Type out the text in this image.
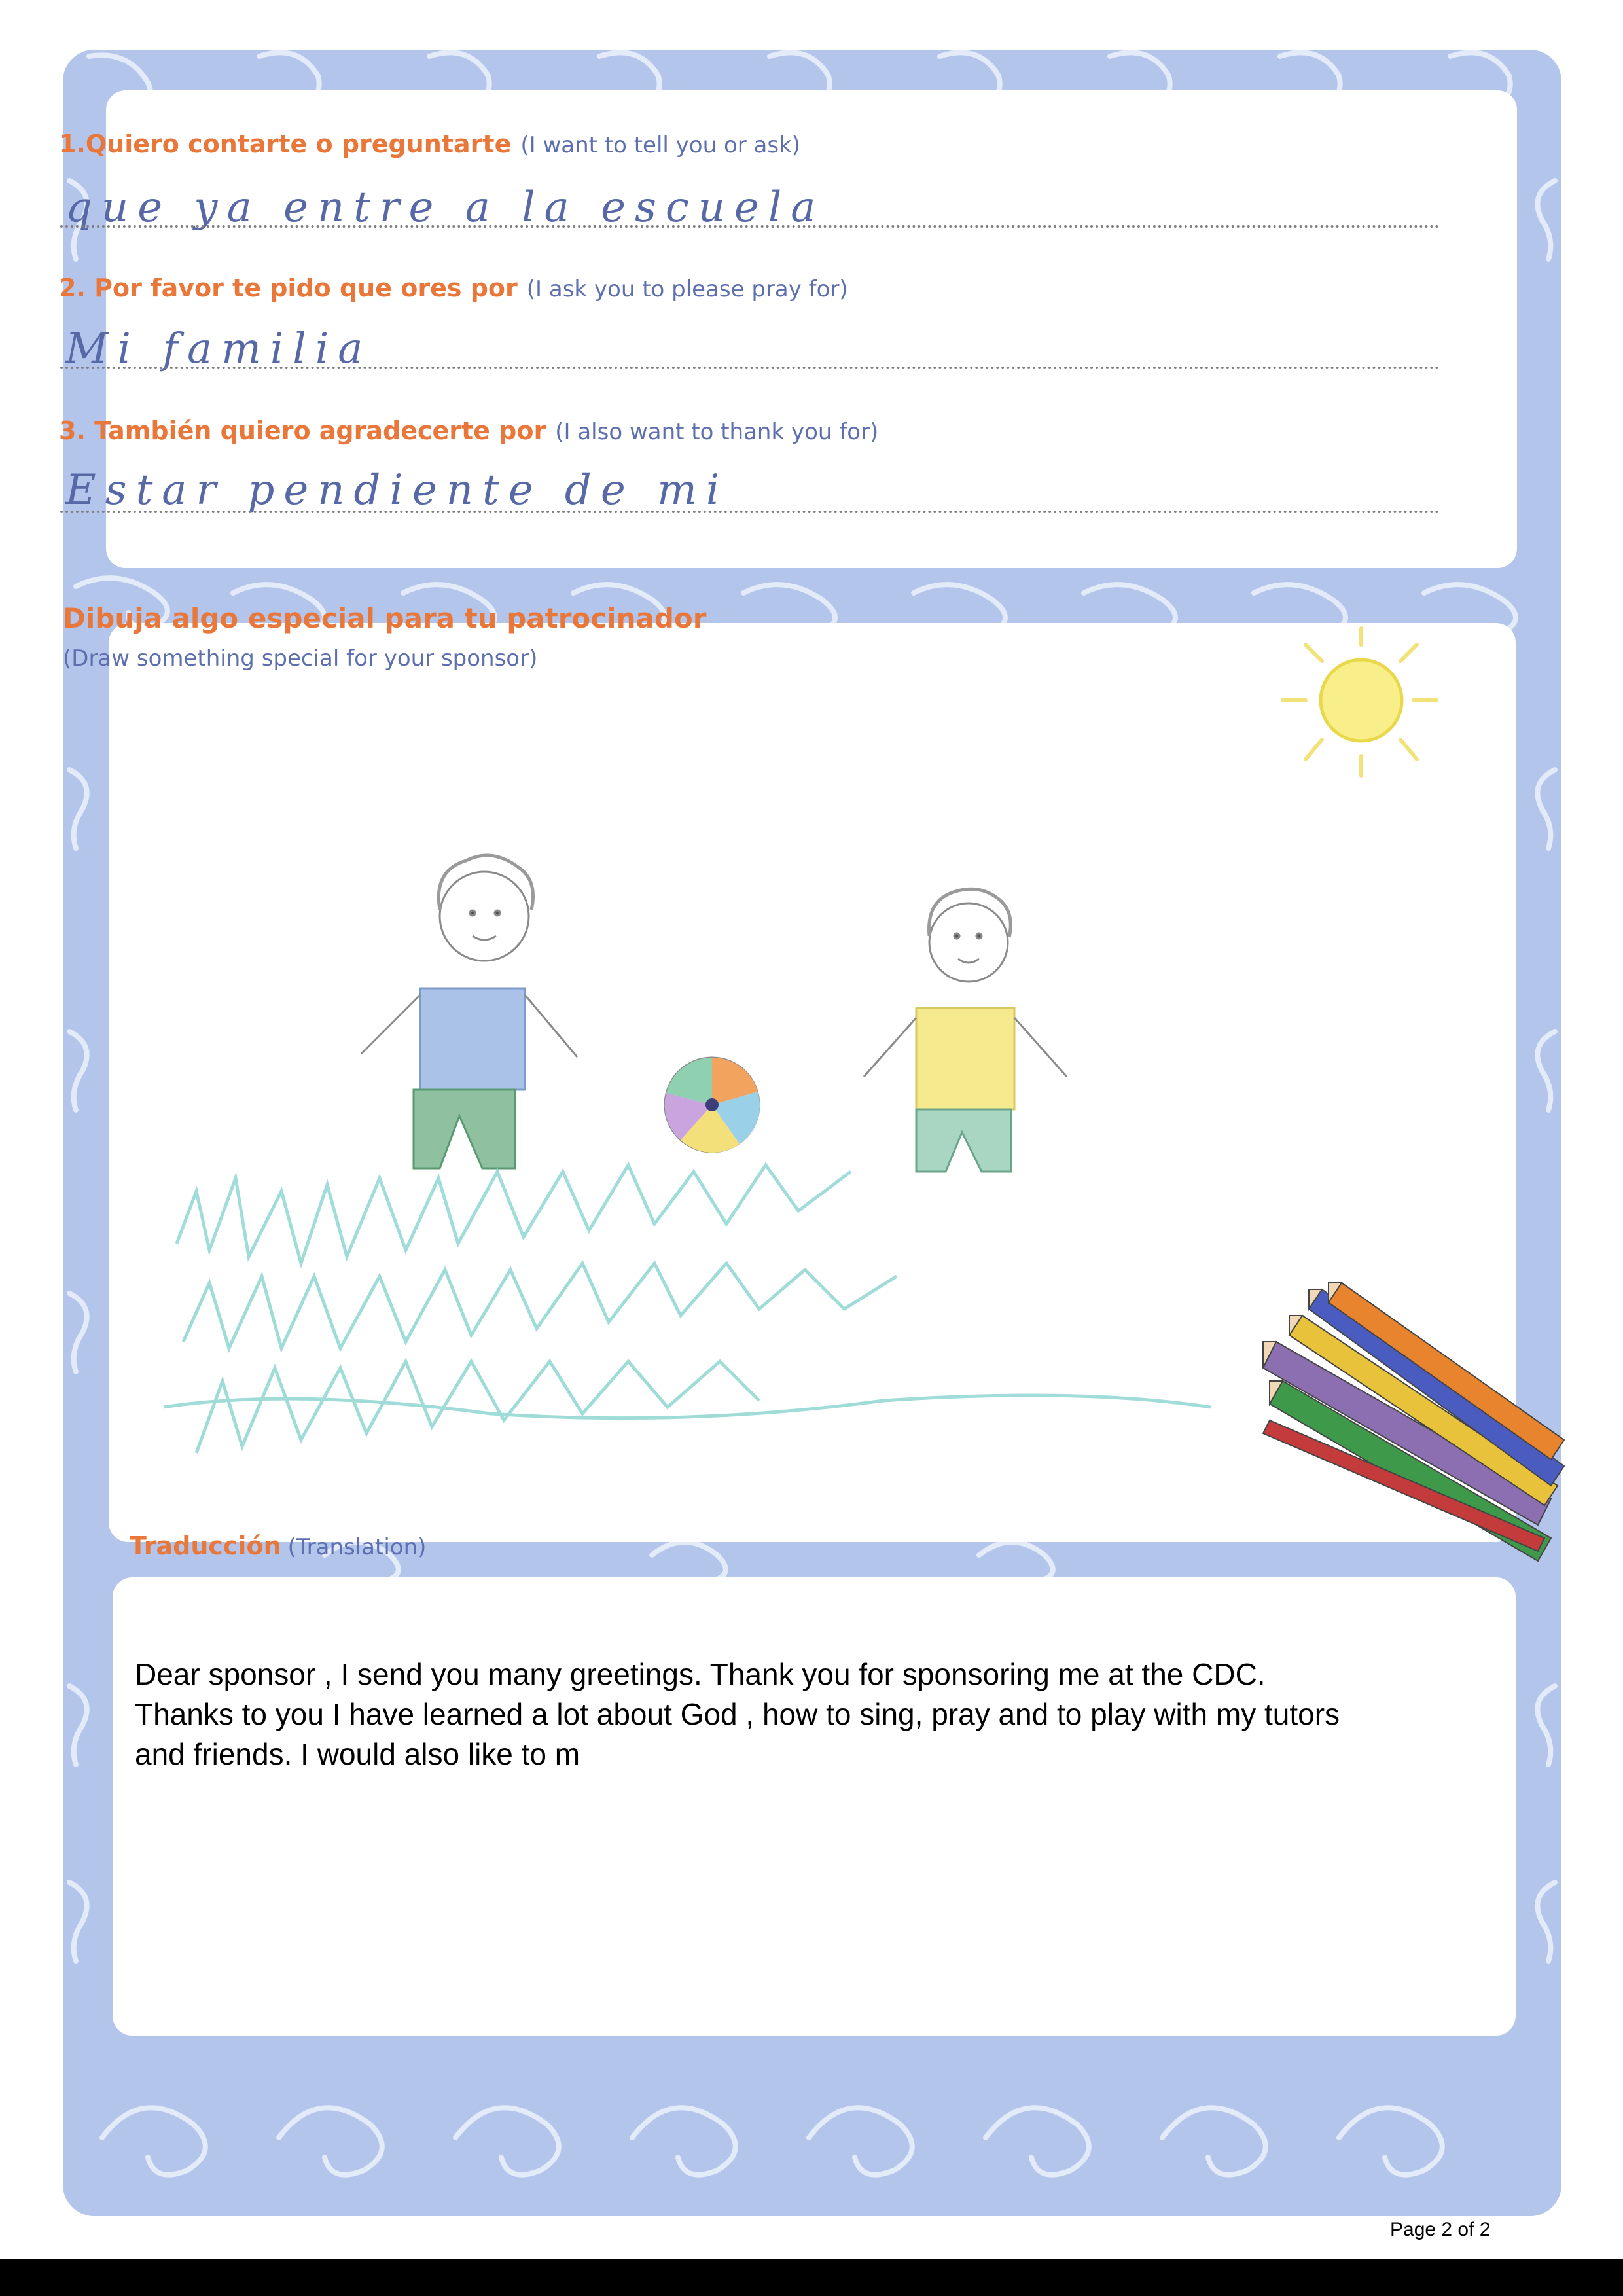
1.Quiero contarte o preguntarte (I want to tell you or ask)
que ya entre a la escuela
2. Por favor te pido que ores por (I ask you to please pray for)
Mi familia
3. También quiero agradecerte por (I also want to thank you for)
Estar pendiente de mi
Dibuja algo especial para tu patrocinador
(Draw something special for your sponsor)
Traducción (Translation)
Dear sponsor , I send you many greetings. Thank you for sponsoring me at the CDC.
Thanks to you I have learned a lot about God , how to sing, pray and to play with my tutors
and friends. I would also like to m
Page 2 of 2
